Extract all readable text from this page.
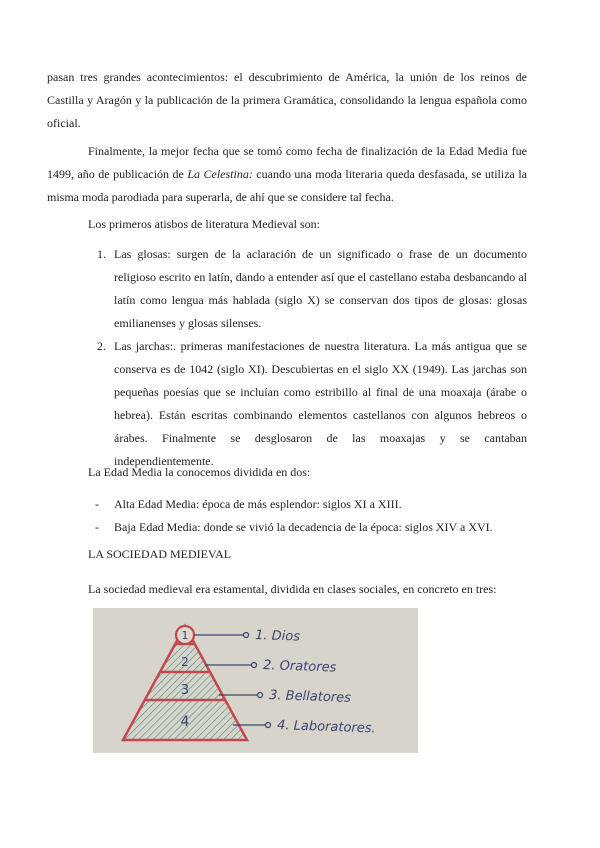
pasan tres grandes acontecimientos: el descubrimiento de América, la unión de los reinos de Castilla y Aragón y la publicación de la primera Gramática, consolidando la lengua española como oficial.

Finalmente, la mejor fecha que se tomó como fecha de finalización de la Edad Media fue 1499, año de publicación de La Celestina: cuando una moda literaria queda desfasada, se utiliza la misma moda parodiada para superarla, de ahí que se considere tal fecha.

Los primeros atisbos de literatura Medieval son:

1. Las glosas: surgen de la aclaración de un significado o frase de un documento religioso escrito en latín, dando a entender así que el castellano estaba desbancando al latín como lengua más hablada (siglo X) se conservan dos tipos de glosas: glosas emilianenses y glosas silenses.
2. Las jarchas:. primeras manifestaciones de nuestra literatura. La más antigua que se conserva es de 1042 (siglo XI). Descubiertas en el siglo XX (1949). Las jarchas son pequeñas poesías que se incluían como estribillo al final de una moaxaja (árabe o hebrea). Están escritas combinando elementos castellanos con algunos hebreos o árabes. Finalmente se desglosaron de las moaxajas y se cantaban independientemente.

La Edad Media la conocemos dividida en dos:

- Alta Edad Media: época de más esplendor: siglos XI a XIII.
- Baja Edad Media: donde se vivió la decadencia de la época: siglos XIV a XVI.

LA SOCIEDAD MEDIEVAL

La sociedad medieval era estamental, dividida en clases sociales, en concreto en tres:

1
2
3
4
1. Dios
2. Oratores
3. Bellatores
4. Laboratores.
